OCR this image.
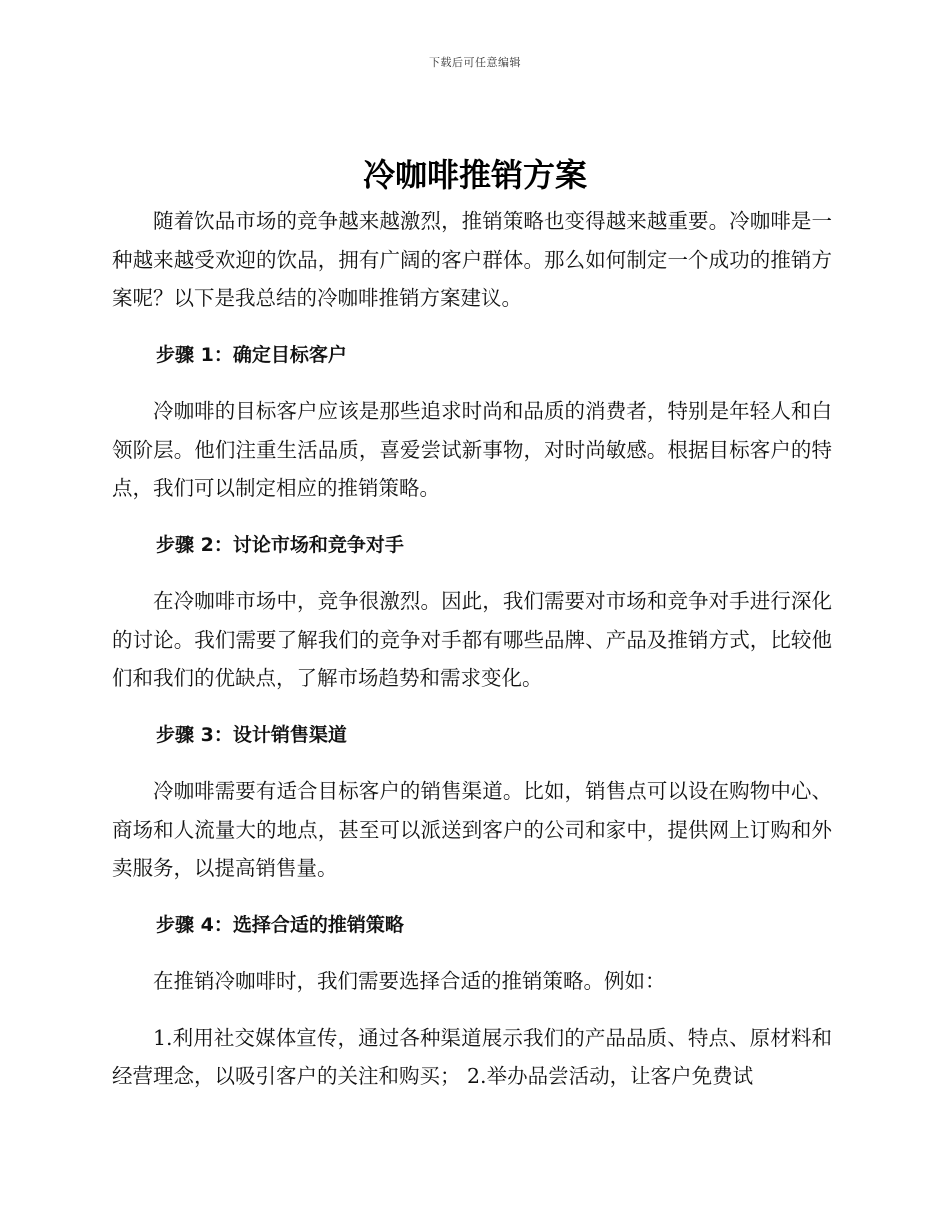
下载后可任意编辑
冷咖啡推销方案

随着饮品市场的竞争越来越激烈，推销策略也变得越来越重要。冷咖啡是一种越来越受欢迎的饮品，拥有广阔的客户群体。那么如何制定一个成功的推销方案呢？以下是我总结的冷咖啡推销方案建议。

步骤 1：确定目标客户

冷咖啡的目标客户应该是那些追求时尚和品质的消费者，特别是年轻人和白领阶层。他们注重生活品质，喜爱尝试新事物，对时尚敏感。根据目标客户的特点，我们可以制定相应的推销策略。

步骤 2：讨论市场和竞争对手

在冷咖啡市场中，竞争很激烈。因此，我们需要对市场和竞争对手进行深化的讨论。我们需要了解我们的竞争对手都有哪些品牌、产品及推销方式，比较他们和我们的优缺点，了解市场趋势和需求变化。

步骤 3：设计销售渠道

冷咖啡需要有适合目标客户的销售渠道。比如，销售点可以设在购物中心、商场和人流量大的地点，甚至可以派送到客户的公司和家中，提供网上订购和外卖服务，以提高销售量。

步骤 4：选择合适的推销策略

在推销冷咖啡时，我们需要选择合适的推销策略。例如：

1.利用社交媒体宣传，通过各种渠道展示我们的产品品质、特点、原材料和经营理念，以吸引客户的关注和购买； 2.举办品尝活动，让客户免费试
